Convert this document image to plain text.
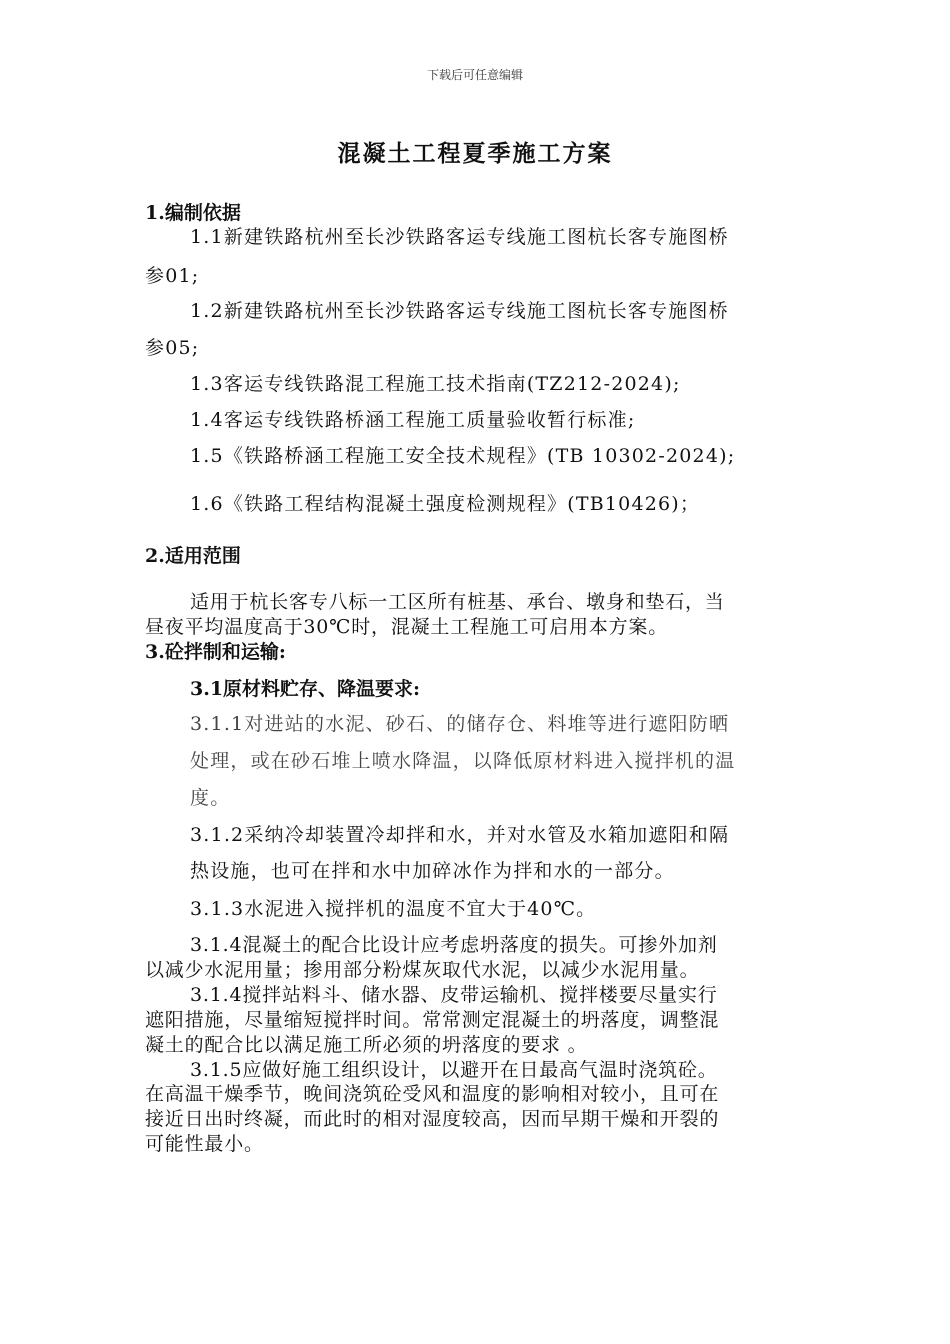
下载后可任意编辑
混凝土工程夏季施工方案
1.编制依据
1.1新建铁路杭州至长沙铁路客运专线施工图杭长客专施图桥
参01;
1.2新建铁路杭州至长沙铁路客运专线施工图杭长客专施图桥
参05;
1.3客运专线铁路混工程施工技术指南(TZ212-2024);
1.4客运专线铁路桥涵工程施工质量验收暂行标准;
1.5《铁路桥涵工程施工安全技术规程》(TB 10302-2024);
1.6《铁路工程结构混凝土强度检测规程》(TB10426)；
2.适用范围
适用于杭长客专八标一工区所有桩基、承台、墩身和垫石，当
昼夜平均温度高于30℃时，混凝土工程施工可启用本方案。
3.砼拌制和运输:
3.1原材料贮存、降温要求:
3.1.1对进站的水泥、砂石、的储存仓、料堆等进行遮阳防晒
处理，或在砂石堆上喷水降温，以降低原材料进入搅拌机的温
度。
3.1.2采纳冷却装置冷却拌和水，并对水管及水箱加遮阳和隔
热设施，也可在拌和水中加碎冰作为拌和水的一部分。
3.1.3水泥进入搅拌机的温度不宜大于40℃。
3.1.4混凝土的配合比设计应考虑坍落度的损失。可掺外加剂
以减少水泥用量；掺用部分粉煤灰取代水泥，以减少水泥用量。
3.1.4搅拌站料斗、储水器、皮带运输机、搅拌楼要尽量实行
遮阳措施，尽量缩短搅拌时间。常常测定混凝土的坍落度，调整混
凝土的配合比以满足施工所必须的坍落度的要求 。
3.1.5应做好施工组织设计，以避开在日最高气温时浇筑砼。
在高温干燥季节，晚间浇筑砼受风和温度的影响相对较小，且可在
接近日出时终凝，而此时的相对湿度较高，因而早期干燥和开裂的
可能性最小。
